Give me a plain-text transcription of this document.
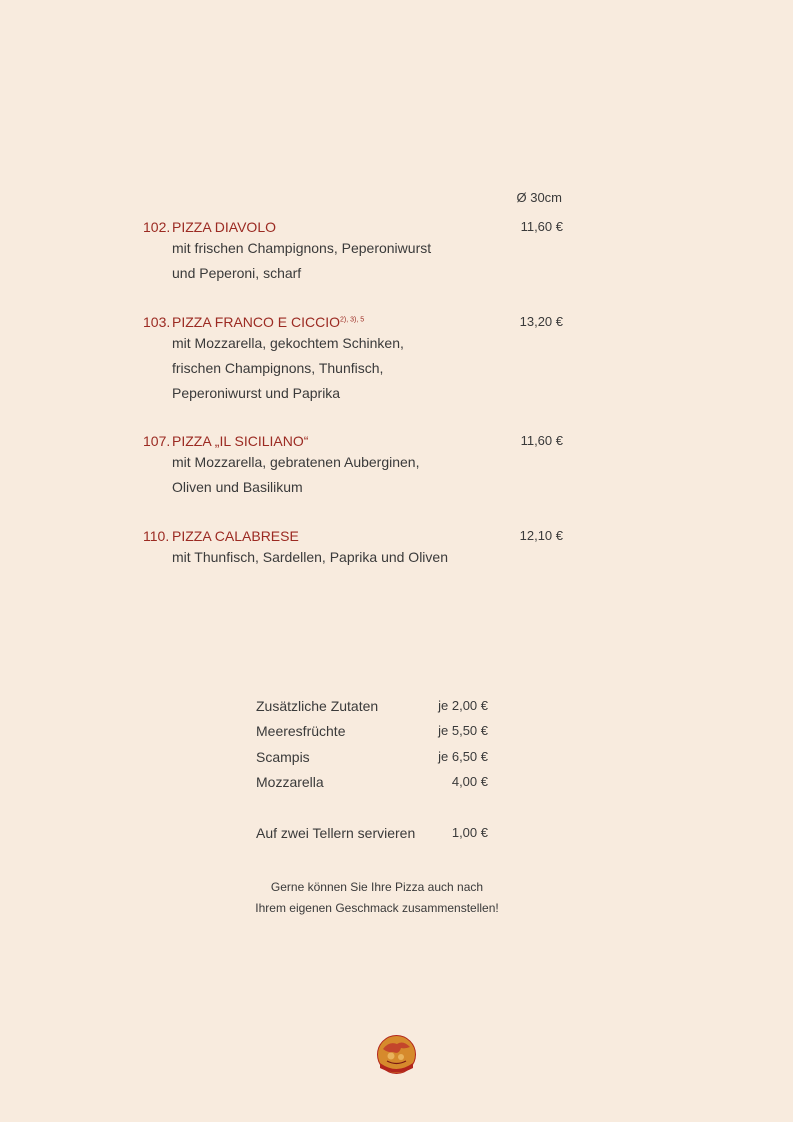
Ø 30cm
102. PIZZA DIAVOLO	11,60 €
mit frischen Champignons, Peperoniwurst
und Peperoni, scharf
103. PIZZA FRANCO E $CICCIO^{2), 3), 5}$	13,20 €
mit Mozzarella, gekochtem Schinken,
frischen Champignons, Thunfisch,
Peperoniwurst und Paprika
107. PIZZA „IL SICILIANO“	11,60 €
mit Mozzarella, gebratenen Auberginen,
Oliven und Basilikum
110. PIZZA CALABRESE	12,10 €
mit Thunfisch, Sardellen, Paprika und Oliven
Zusätzliche Zutaten	je 2,00 €
Meeresfrüchte	je 5,50 €
Scampis	je 6,50 €
Mozzarella	4,00 €
Auf zwei Tellern servieren	1,00 €
Gerne können Sie Ihre Pizza auch nach
Ihrem eigenen Geschmack zusammenstellen!
